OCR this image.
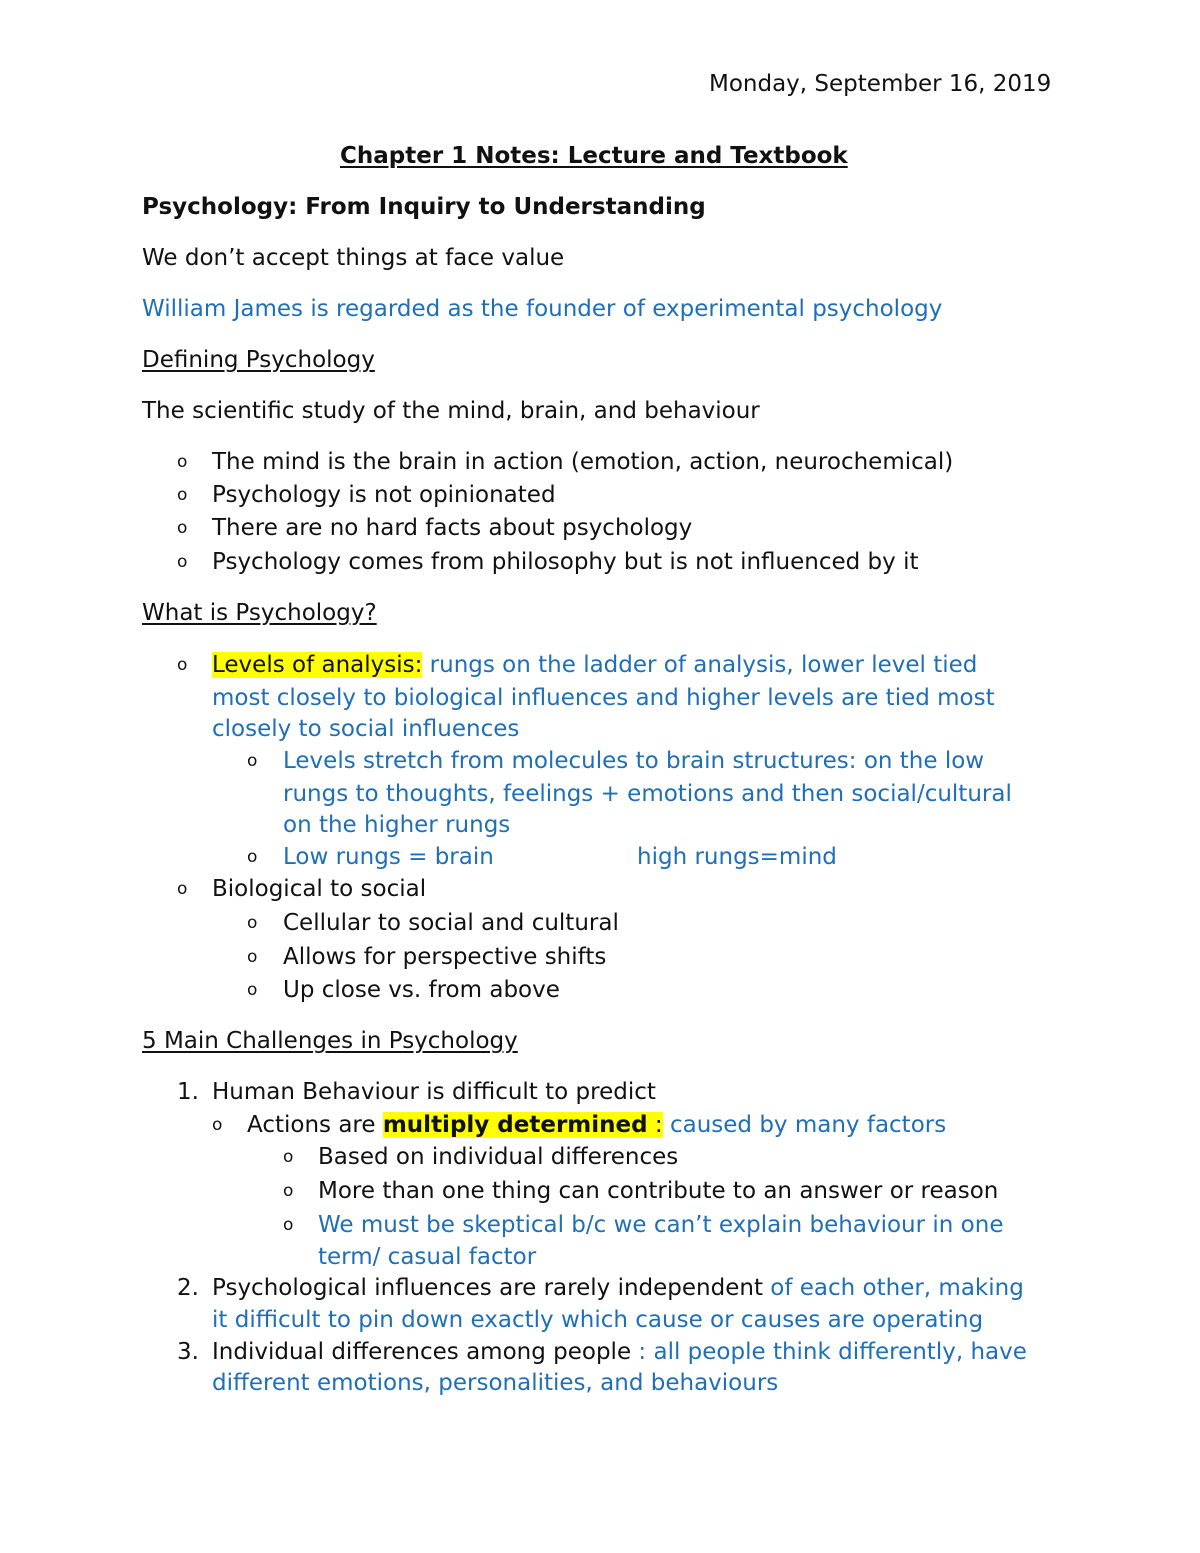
Monday, September 16, 2019
Chapter 1 Notes: Lecture and Textbook
Psychology: From Inquiry to Understanding
We don’t accept things at face value
William James is regarded as the founder of experimental psychology
Defining Psychology
The scientific study of the mind, brain, and behaviour
o The mind is the brain in action (emotion, action, neurochemical)
o Psychology is not opinionated
o There are no hard facts about psychology
o Psychology comes from philosophy but is not influenced by it
What is Psychology?
o Levels of analysis: rungs on the ladder of analysis, lower level tied
most closely to biological influences and higher levels are tied most
closely to social influences
o Levels stretch from molecules to brain structures: on the low
rungs to thoughts, feelings + emotions and then social/cultural
on the higher rungs
o Low rungs = brain	high rungs=mind
o Biological to social
o Cellular to social and cultural
o Allows for perspective shifts
o Up close vs. from above
5 Main Challenges in Psychology
1. Human Behaviour is difficult to predict
o Actions are multiply determined : caused by many factors
o Based on individual differences
o More than one thing can contribute to an answer or reason
o We must be skeptical b/c we can’t explain behaviour in one
term/ casual factor
2. Psychological influences are rarely independent of each other, making
it difficult to pin down exactly which cause or causes are operating
3. Individual differences among people : all people think differently, have
different emotions, personalities, and behaviours
